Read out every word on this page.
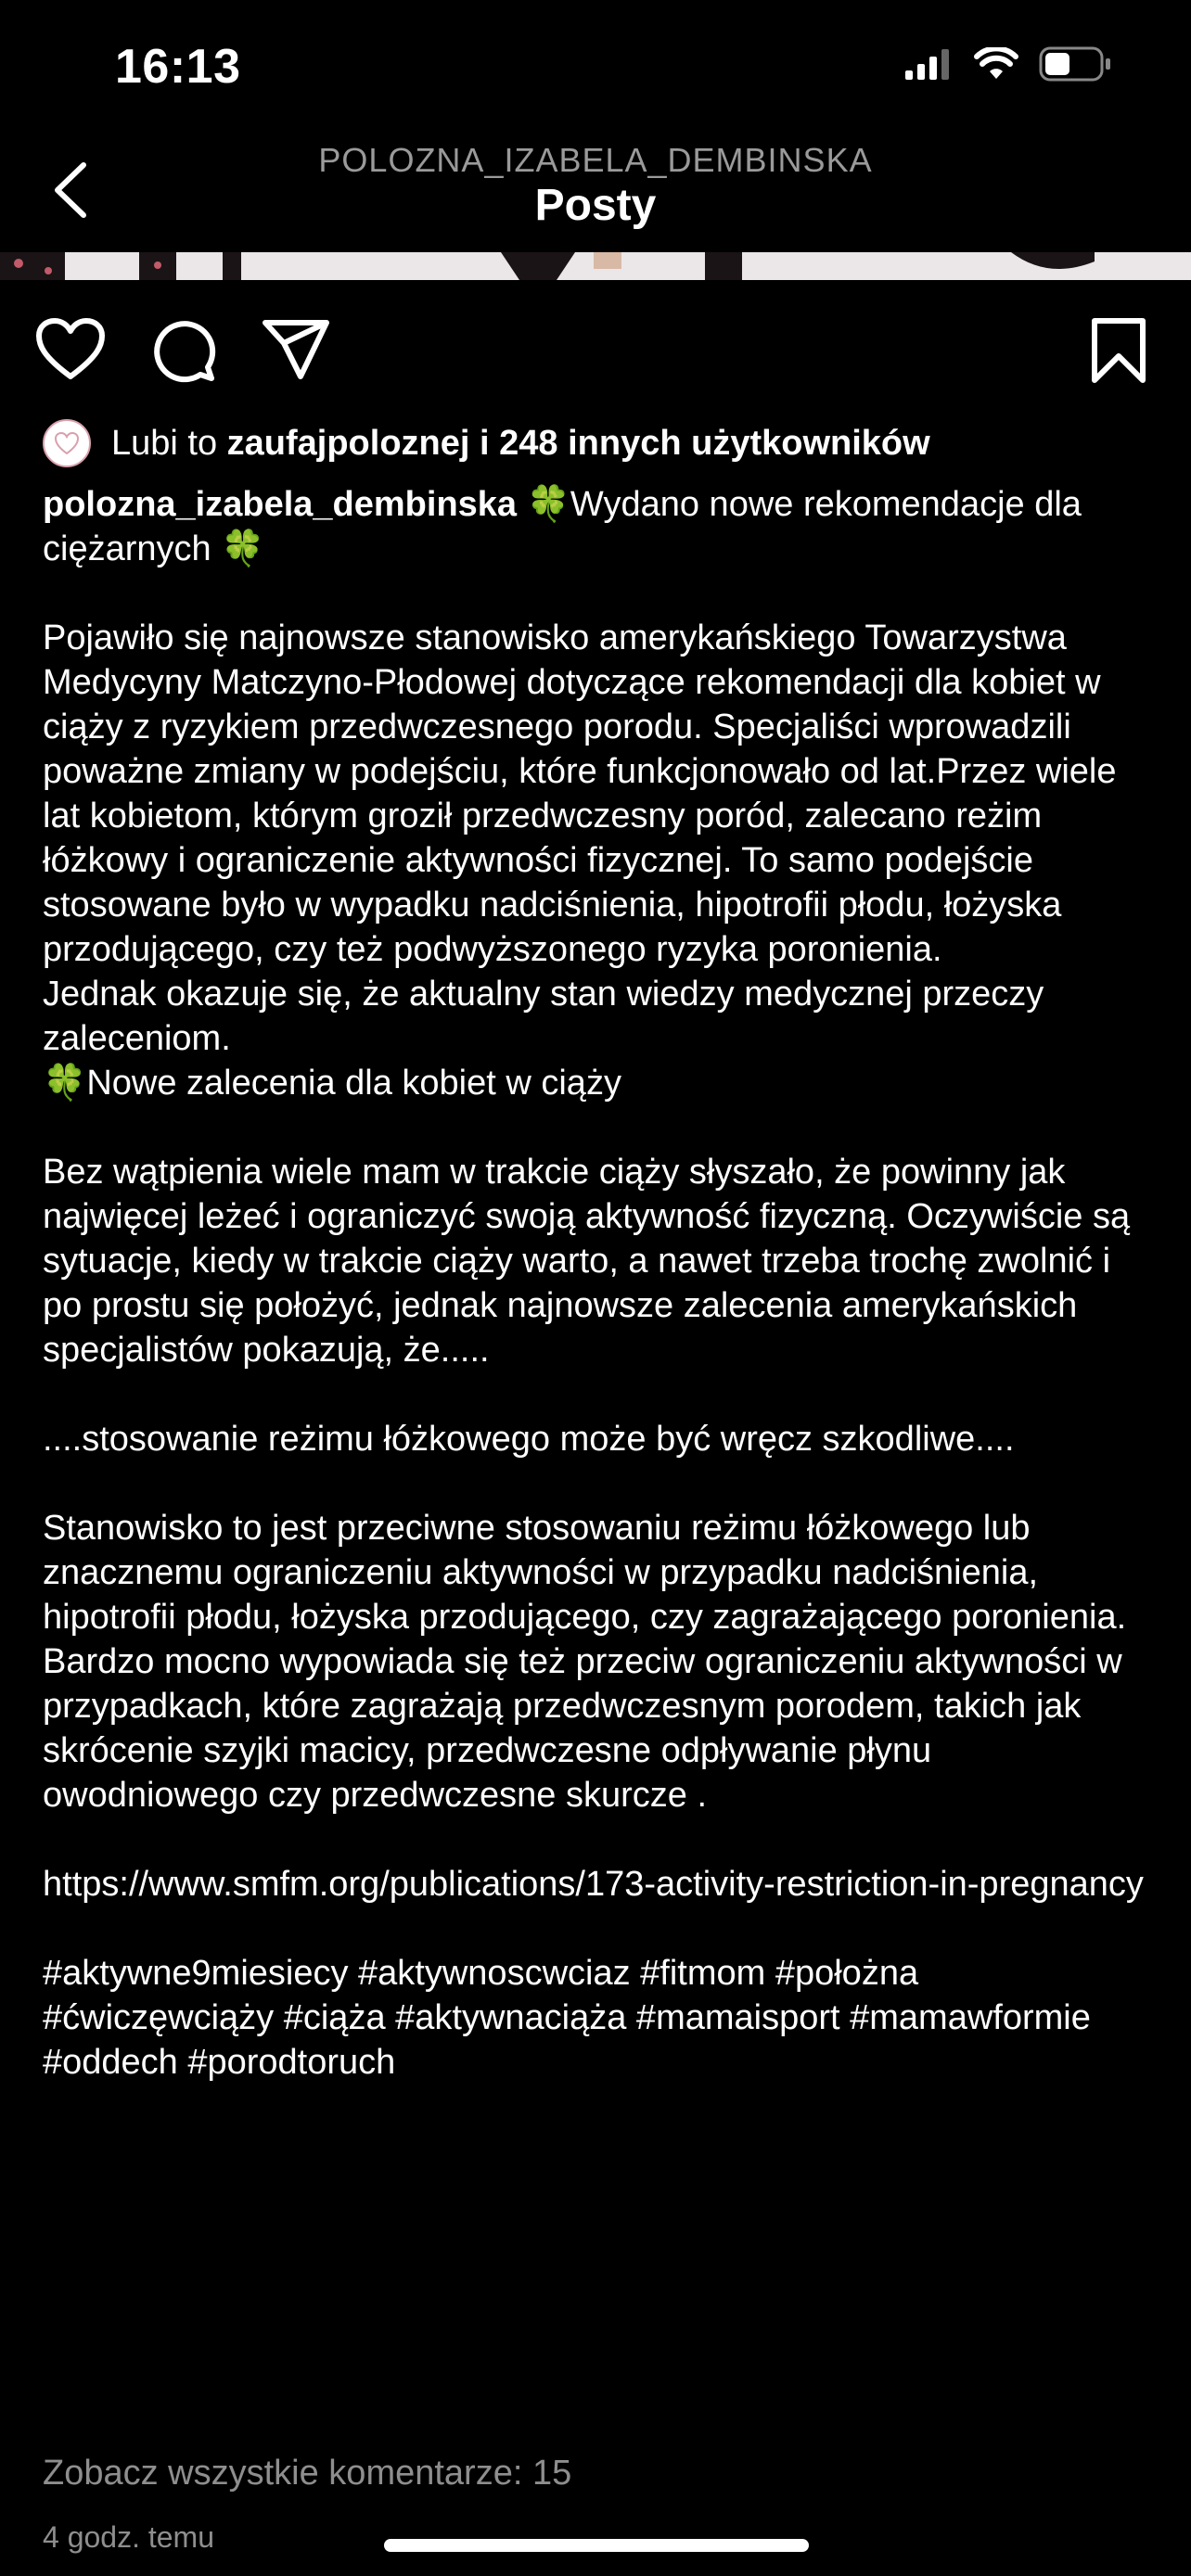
16:13
POLOZNA_IZABELA_DEMBINSKA
Posty
Lubi to zaufajpoloznej i 248 innych użytkowników

polozna_izabela_dembinska 🍀Wydano nowe rekomendacje dla ciężarnych 🍀

Pojawiło się najnowsze stanowisko amerykańskiego Towarzystwa Medycyny Matczyno-Płodowej dotyczące rekomendacji dla kobiet w ciąży z ryzykiem przedwczesnego porodu. Specjaliści wprowadzili poważne zmiany w podejściu, które funkcjonowało od lat.Przez wiele lat kobietom, którym groził przedwczesny poród, zalecano reżim łóżkowy i ograniczenie aktywności fizycznej. To samo podejście stosowane było w wypadku nadciśnienia, hipotrofii płodu, łożyska przodującego, czy też podwyższonego ryzyka poronienia.

Jednak okazuje się, że aktualny stan wiedzy medycznej przeczy zaleceniom.

🍀Nowe zalecenia dla kobiet w ciąży

Bez wątpienia wiele mam w trakcie ciąży słyszało, że powinny jak najwięcej leżeć i ograniczyć swoją aktywność fizyczną. Oczywiście są sytuacje, kiedy w trakcie ciąży warto, a nawet trzeba trochę zwolnić i po prostu się położyć, jednak najnowsze zalecenia amerykańskich specjalistów pokazują, że.....

....stosowanie reżimu łóżkowego może być wręcz szkodliwe....

Stanowisko to jest przeciwne stosowaniu reżimu łóżkowego lub znacznemu ograniczeniu aktywności w przypadku nadciśnienia, hipotrofii płodu, łożyska przodującego, czy zagrażającego poronienia. Bardzo mocno wypowiada się też przeciw ograniczeniu aktywności w przypadkach, które zagrażają przedwczesnym porodem, takich jak skrócenie szyjki macicy, przedwczesne odpływanie płynu owodniowego czy przedwczesne skurcze .

https://www.smfm.org/publications/173-activity-restriction-in-pregnancy

#aktywne9miesiecy #aktywnoscwciaz #fitmom #położna #ćwiczęwciąży #ciąża #aktywnaciąża #mamaisport #mamawformie #oddech #porodtoruch

Zobacz wszystkie komentarze: 15
4 godz. temu
